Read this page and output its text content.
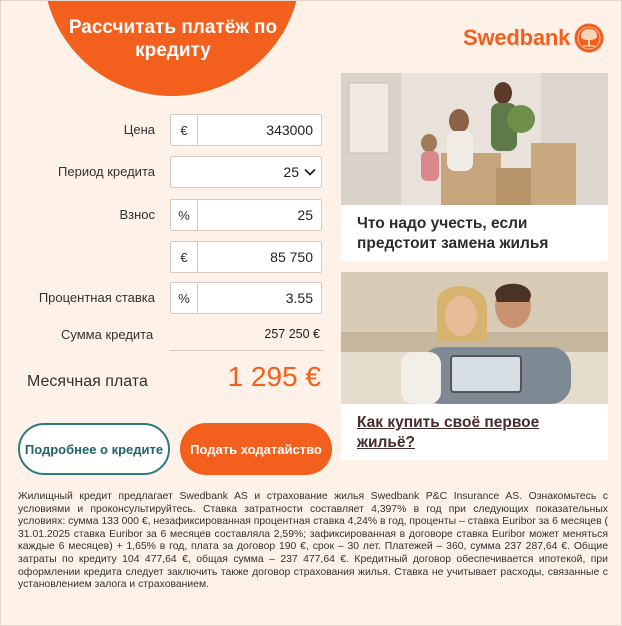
Рассчитать платёж по кредиту
Swedbank
Цена	€	343000
Период кредита	25
Взнос	%	25
€	85 750
Процентная ставка	%	3.55
Сумма кредита	257 250 €
Месячная плата	1 295 €
Подробнее о кредите	Подать ходатайство
Что надо учесть, если предстоит замена жилья
Как купить своё первое жильё?
Жилищный кредит предлагает Swedbank AS и страхование жилья Swedbank P&C Insurance AS. Ознакомьтесь с условиями и проконсультируйтесь. Ставка затратности составляет 4,397% в год при следующих показательных условиях: сумма 133 000 €, незафиксированная процентная ставка 4,24% в год, проценты – ставка Euribor за 6 месяцев ( 31.01.2025 ставка Euribor за 6 месяцев составляла 2,59%; зафиксированная в договоре ставка Euribor может меняться каждые 6 месяцев) + 1,65% в год, плата за договор 190 €, срок – 30 лет. Платежей – 360, сумма 237 287,64 €. Общие затраты по кредиту 104 477,64 €, общая сумма – 237 477,64 €. Кредитный договор обеспечивается ипотекой, при оформлении кредита следует заключить также договор страхования жилья. Ставка не учитывает расходы, связанные с установлением залога и страхованием.
